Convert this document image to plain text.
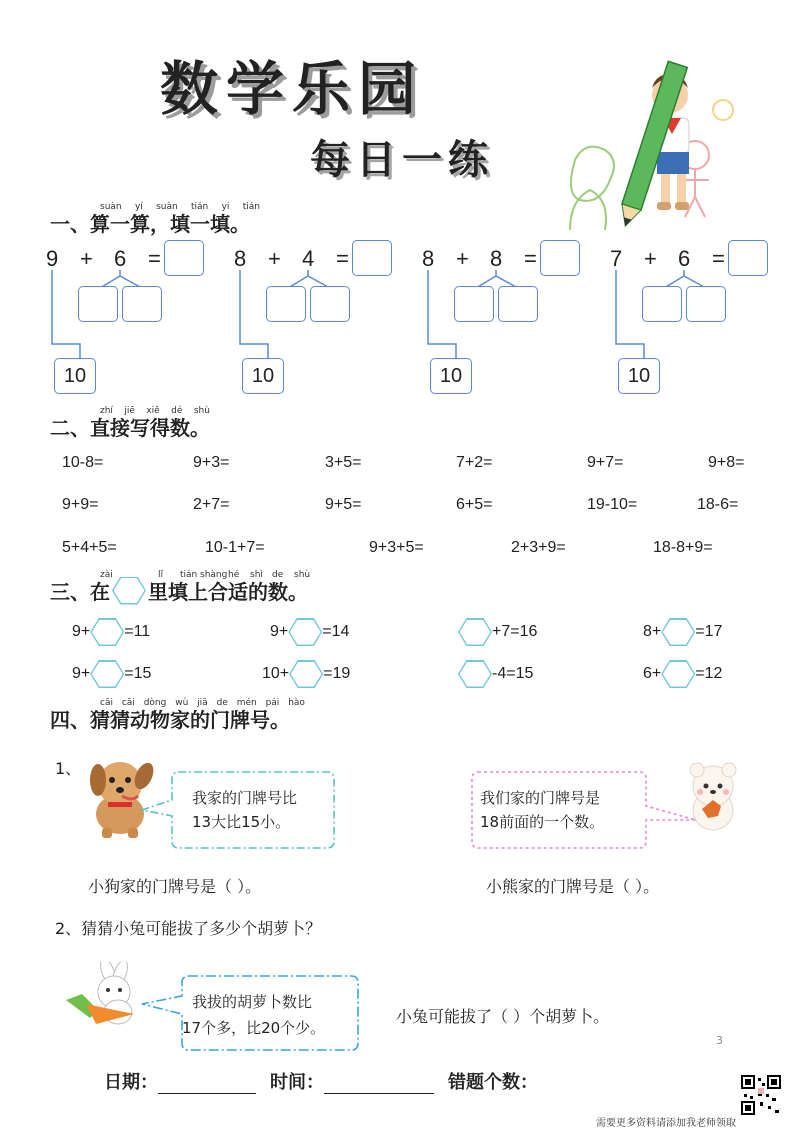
数学乐园
每日一练
suàn yí suàn tián yi tián
一、算一算，填一填。
9 + 6 =
10
8 + 4 =
10
8 + 8 =
10
7 + 6 =
10
zhí jiē xiě dé shù
二、直接写得数。
10-8=	9+3=	3+5=	7+2=	9+7=	9+8=
9+9=	2+7=	9+5=	6+5=	19-10=	18-6=
5+4+5=	10-1+7=	9+3+5=	2+3+9=	18-8+9=
zài	lǐ tián shàng hé shì de shù
三、在 里填上合适的数。
9+ =11	9+ =14	+7=16	8+ =17
9+ =15	10+ =19	-4=15	6+ =12
cāi cāi dòng wù jiā de mén pái hào
四、猜猜动物家的门牌号。
1、
我家的门牌号比
13大比15小。
我们家的门牌号是
18前面的一个数。
小狗家的门牌号是（ ）。	小熊家的门牌号是（ ）。
2、猜猜小兔可能拔了多少个胡萝卜？
我拔的胡萝卜数比
17个多，比20个少。
小兔可能拔了（ ）个胡萝卜。
3
日期：	时间：	错题个数：
需要更多资料请添加我老师领取
